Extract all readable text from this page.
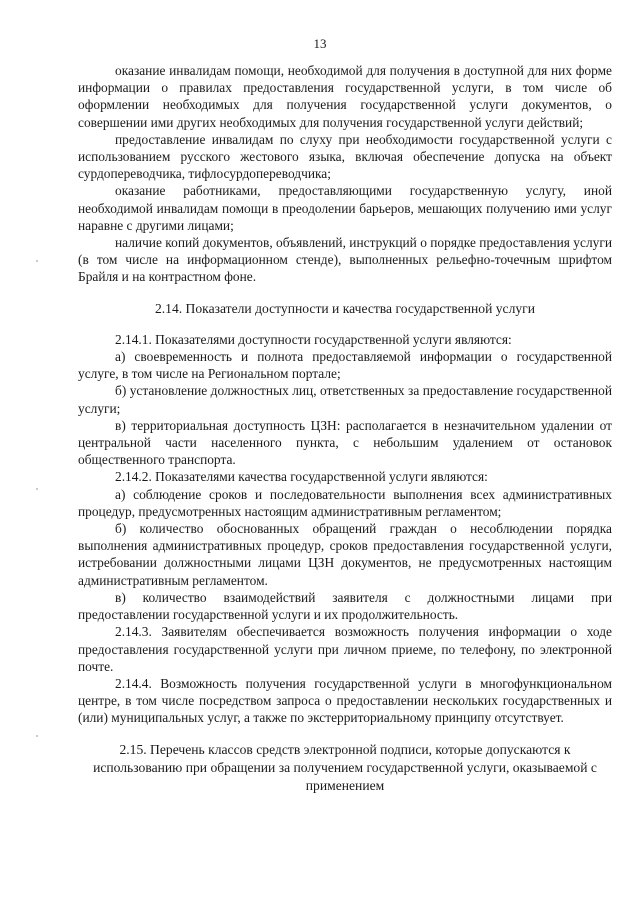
13

оказание инвалидам помощи, необходимой для получения в доступной для них форме информации о правилах предоставления государственной услуги, в том числе об оформлении необходимых для получения государственной услуги документов, о совершении ими других необходимых для получения государственной услуги действий;

предоставление инвалидам по слуху при необходимости государственной услуги с использованием русского жестового языка, включая обеспечение допуска на объект сурдопереводчика, тифлосурдопереводчика;

оказание работниками, предоставляющими государственную услугу, иной необходимой инвалидам помощи в преодолении барьеров, мешающих получению ими услуг наравне с другими лицами;

наличие копий документов, объявлений, инструкций о порядке предоставления услуги (в том числе на информационном стенде), выполненных рельефно-точечным шрифтом Брайля и на контрастном фоне.

2.14. Показатели доступности и качества государственной услуги

2.14.1. Показателями доступности государственной услуги являются:

а) своевременность и полнота предоставляемой информации о государственной услуге, в том числе на Региональном портале;

б) установление должностных лиц, ответственных за предоставление государственной услуги;

в) территориальная доступность ЦЗН: располагается в незначительном удалении от центральной части населенного пункта, с небольшим удалением от остановок общественного транспорта.

2.14.2. Показателями качества государственной услуги являются:

а) соблюдение сроков и последовательности выполнения всех административных процедур, предусмотренных настоящим административным регламентом;

б) количество обоснованных обращений граждан о несоблюдении порядка выполнения административных процедур, сроков предоставления государственной услуги, истребовании должностными лицами ЦЗН документов, не предусмотренных настоящим административным регламентом.

в) количество взаимодействий заявителя с должностными лицами при предоставлении государственной услуги и их продолжительность.

2.14.3. Заявителям обеспечивается возможность получения информации о ходе предоставления государственной услуги при личном приеме, по телефону, по электронной почте.

2.14.4. Возможность получения государственной услуги в многофункциональном центре, в том числе посредством запроса о предоставлении нескольких государственных и (или) муниципальных услуг, а также по экстерриториальному принципу отсутствует.

2.15. Перечень классов средств электронной подписи, которые допускаются к использованию при обращении за получением государственной услуги, оказываемой с применением
